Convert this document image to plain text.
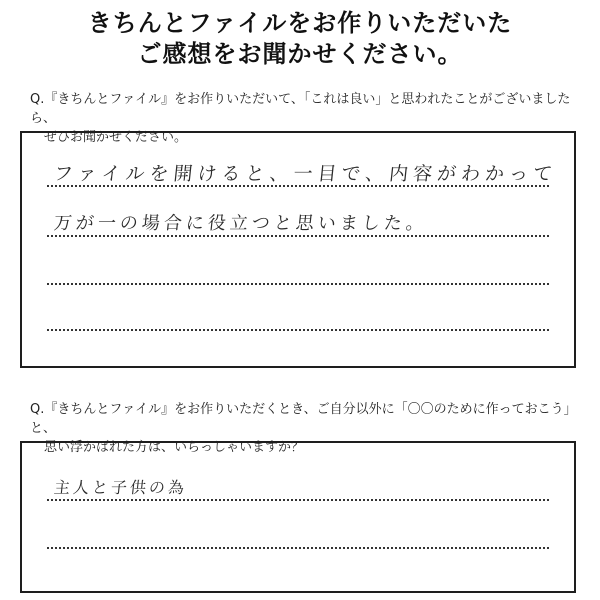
きちんとファイルをお作りいただいた
ご感想をお聞かせください。
Q.『きちんとファイル』をお作りいただいて、「これは良い」と思われたことがございましたら、
ぜひお聞かせください。
ファイルを開けると、一目で、内容がわかって
万が一の場合に役立つと思いました。
Q.『きちんとファイル』をお作りいただくとき、ご自分以外に「〇〇のために作っておこう」と、
思い浮かばれた方は、いらっしゃいますか？
主人と子供の為
